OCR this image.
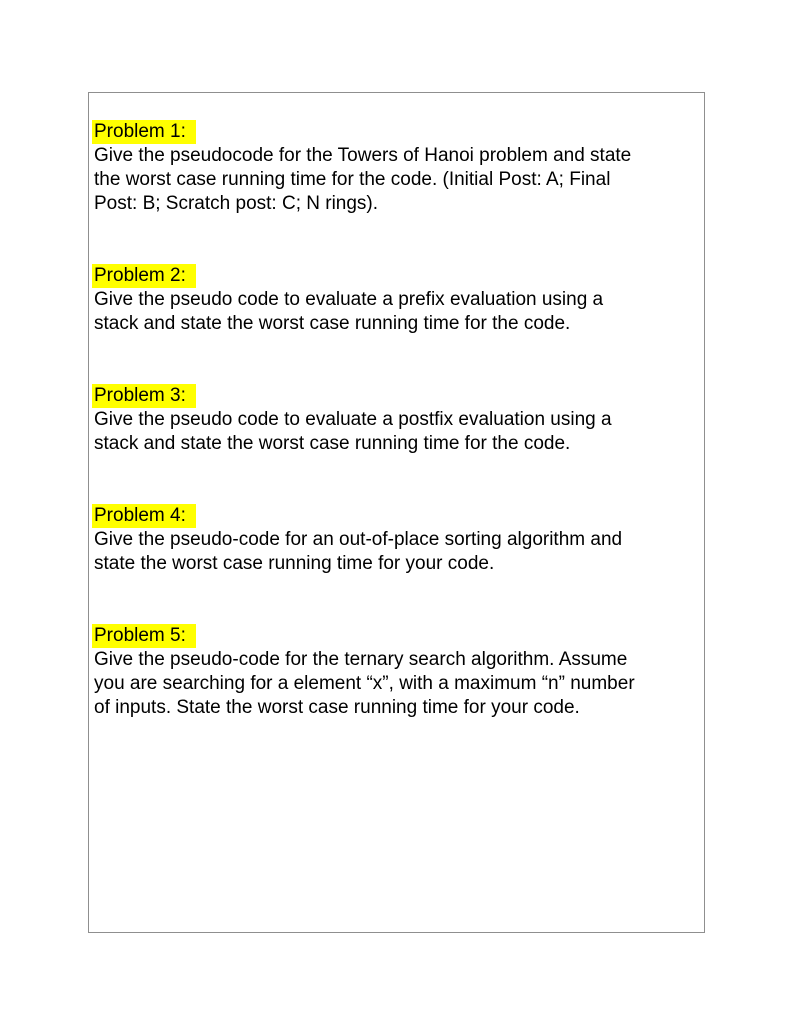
Problem 1:
Give the pseudocode for the Towers of Hanoi problem and state
the worst case running time for the code. (Initial Post: A; Final
Post: B; Scratch post: C; N rings).
Problem 2:
Give the pseudo code to evaluate a prefix evaluation using a
stack and state the worst case running time for the code.
Problem 3:
Give the pseudo code to evaluate a postfix evaluation using a
stack and state the worst case running time for the code.
Problem 4:
Give the pseudo-code for an out-of-place sorting algorithm and
state the worst case running time for your code.
Problem 5:
Give the pseudo-code for the ternary search algorithm. Assume
you are searching for a element “x”, with a maximum “n” number
of inputs. State the worst case running time for your code.
